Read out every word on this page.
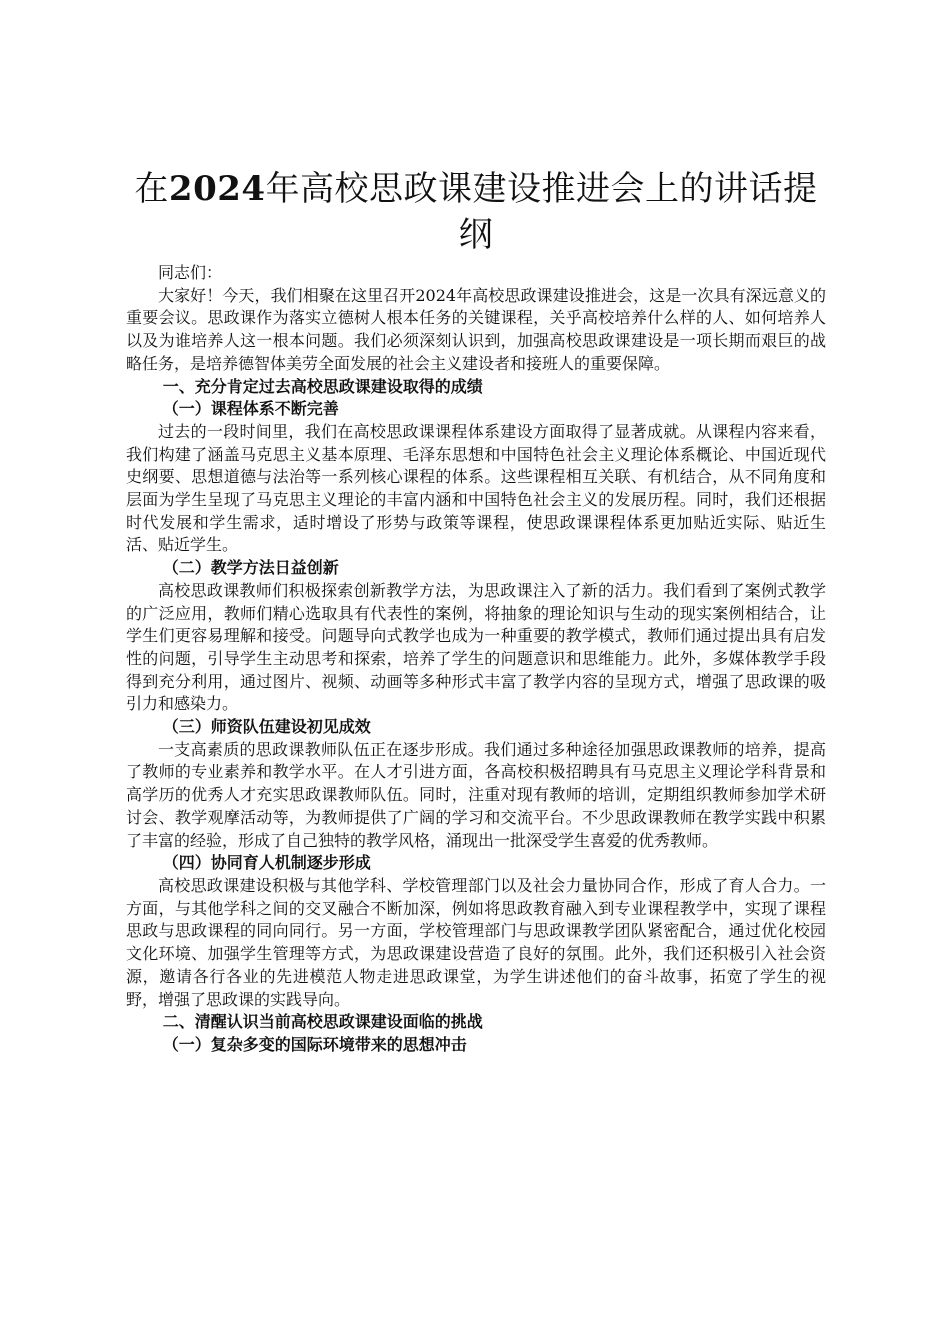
在2024年高校思政课建设推进会上的讲话提纲

同志们：

大家好！今天，我们相聚在这里召开2024年高校思政课建设推进会，这是一次具有深远意义的重要会议。思政课作为落实立德树人根本任务的关键课程，关乎高校培养什么样的人、如何培养人以及为谁培养人这一根本问题。我们必须深刻认识到，加强高校思政课建设是一项长期而艰巨的战略任务，是培养德智体美劳全面发展的社会主义建设者和接班人的重要保障。

一、充分肯定过去高校思政课建设取得的成绩

（一）课程体系不断完善

过去的一段时间里，我们在高校思政课课程体系建设方面取得了显著成就。从课程内容来看，我们构建了涵盖马克思主义基本原理、毛泽东思想和中国特色社会主义理论体系概论、中国近现代史纲要、思想道德与法治等一系列核心课程的体系。这些课程相互关联、有机结合，从不同角度和层面为学生呈现了马克思主义理论的丰富内涵和中国特色社会主义的发展历程。同时，我们还根据时代发展和学生需求，适时增设了形势与政策等课程，使思政课课程体系更加贴近实际、贴近生活、贴近学生。

（二）教学方法日益创新

高校思政课教师们积极探索创新教学方法，为思政课注入了新的活力。我们看到了案例式教学的广泛应用，教师们精心选取具有代表性的案例，将抽象的理论知识与生动的现实案例相结合，让学生们更容易理解和接受。问题导向式教学也成为一种重要的教学模式，教师们通过提出具有启发性的问题，引导学生主动思考和探索，培养了学生的问题意识和思维能力。此外，多媒体教学手段得到充分利用，通过图片、视频、动画等多种形式丰富了教学内容的呈现方式，增强了思政课的吸引力和感染力。

（三）师资队伍建设初见成效

一支高素质的思政课教师队伍正在逐步形成。我们通过多种途径加强思政课教师的培养，提高了教师的专业素养和教学水平。在人才引进方面，各高校积极招聘具有马克思主义理论学科背景和高学历的优秀人才充实思政课教师队伍。同时，注重对现有教师的培训，定期组织教师参加学术研讨会、教学观摩活动等，为教师提供了广阔的学习和交流平台。不少思政课教师在教学实践中积累了丰富的经验，形成了自己独特的教学风格，涌现出一批深受学生喜爱的优秀教师。

（四）协同育人机制逐步形成

高校思政课建设积极与其他学科、学校管理部门以及社会力量协同合作，形成了育人合力。一方面，与其他学科之间的交叉融合不断加深，例如将思政教育融入到专业课程教学中，实现了课程思政与思政课程的同向同行。另一方面，学校管理部门与思政课教学团队紧密配合，通过优化校园文化环境、加强学生管理等方式，为思政课建设营造了良好的氛围。此外，我们还积极引入社会资源，邀请各行各业的先进模范人物走进思政课堂，为学生讲述他们的奋斗故事，拓宽了学生的视野，增强了思政课的实践导向。

二、清醒认识当前高校思政课建设面临的挑战

（一）复杂多变的国际环境带来的思想冲击
